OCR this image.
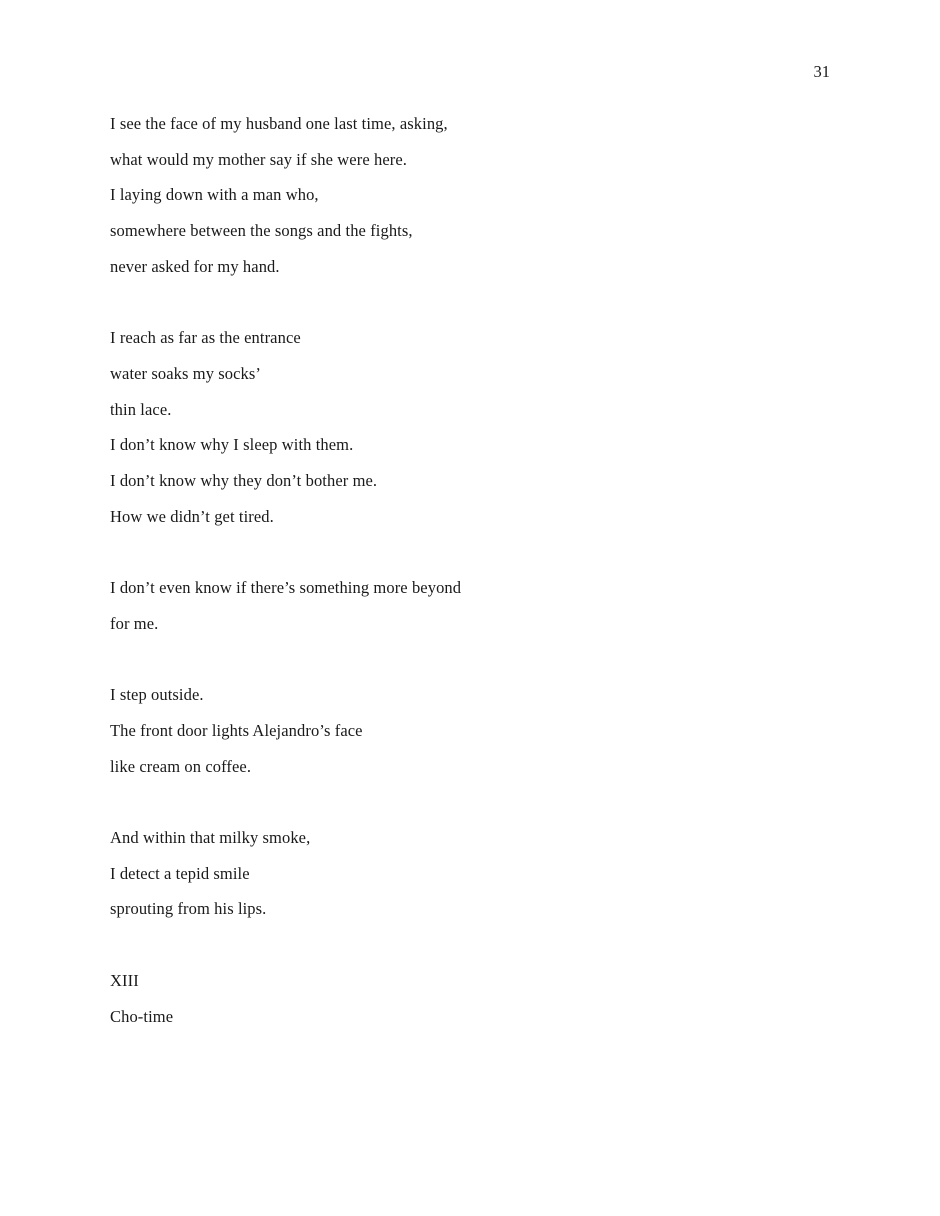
31

I see the face of my husband one last time, asking,

what would my mother say if she were here.

I laying down with a man who,

somewhere between the songs and the fights,

never asked for my hand.

I reach as far as the entrance

water soaks my socks’

thin lace.

I don’t know why I sleep with them.

I don’t know why they don’t bother me.

How we didn’t get tired.

I don’t even know if there’s something more beyond

for me.

I step outside.

The front door lights Alejandro’s face

like cream on coffee.

And within that milky smoke,

I detect a tepid smile

sprouting from his lips.

XIII

Cho-time
